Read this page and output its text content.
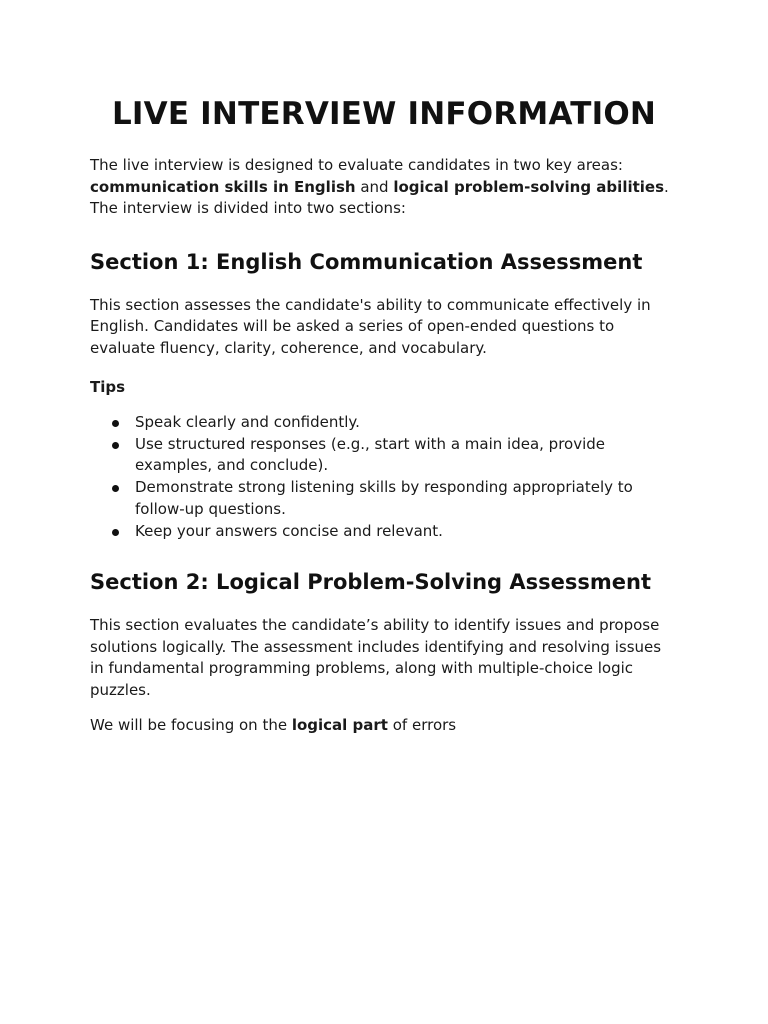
LIVE INTERVIEW INFORMATION

The live interview is designed to evaluate candidates in two key areas: communication skills in English and logical problem-solving abilities. The interview is divided into two sections:

Section 1: English Communication Assessment

This section assesses the candidate's ability to communicate effectively in English. Candidates will be asked a series of open-ended questions to evaluate fluency, clarity, coherence, and vocabulary.

Tips
Speak clearly and confidently.
Use structured responses (e.g., start with a main idea, provide examples, and conclude).
Demonstrate strong listening skills by responding appropriately to follow-up questions.
Keep your answers concise and relevant.
Section 2: Logical Problem-Solving Assessment

This section evaluates the candidate’s ability to identify issues and propose solutions logically. The assessment includes identifying and resolving issues in fundamental programming problems, along with multiple-choice logic puzzles.

We will be focusing on the logical part of errors
